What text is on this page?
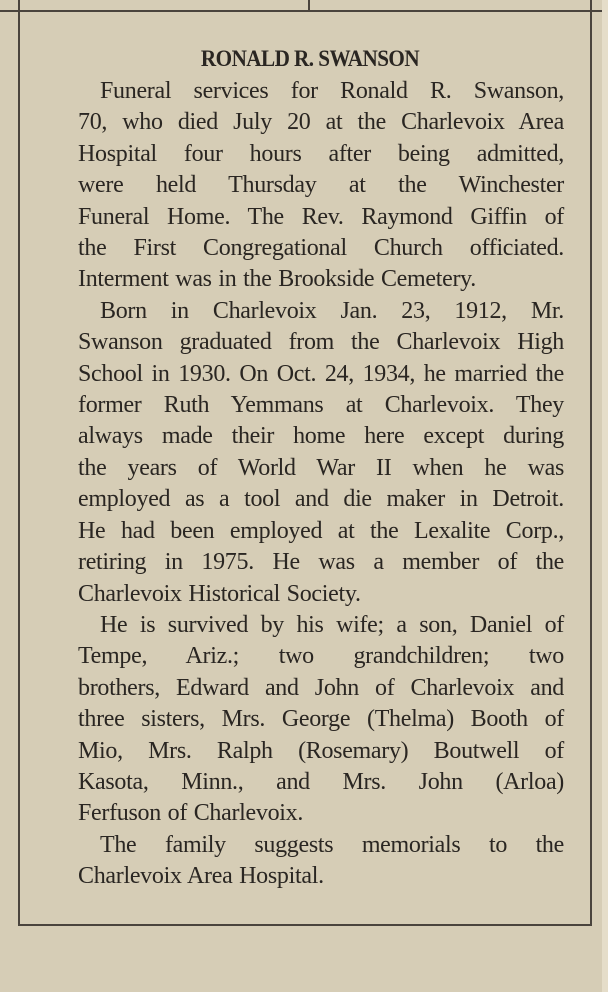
RONALD R. SWANSON
Funeral services for Ronald R. Swanson,
70, who died July 20 at the Charlevoix Area
Hospital four hours after being admitted,
were held Thursday at the Winchester
Funeral Home. The Rev. Raymond Giffin of
the First Congregational Church officiated.
Interment was in the Brookside Cemetery.
Born in Charlevoix Jan. 23, 1912, Mr.
Swanson graduated from the Charlevoix High
School in 1930. On Oct. 24, 1934, he married the
former Ruth Yemmans at Charlevoix. They
always made their home here except during
the years of World War II when he was
employed as a tool and die maker in Detroit.
He had been employed at the Lexalite Corp.,
retiring in 1975. He was a member of the
Charlevoix Historical Society.
He is survived by his wife; a son, Daniel of
Tempe, Ariz.; two grandchildren; two
brothers, Edward and John of Charlevoix and
three sisters, Mrs. George (Thelma) Booth of
Mio, Mrs. Ralph (Rosemary) Boutwell of
Kasota, Minn., and Mrs. John (Arloa)
Ferfuson of Charlevoix.
The family suggests memorials to the
Charlevoix Area Hospital.
